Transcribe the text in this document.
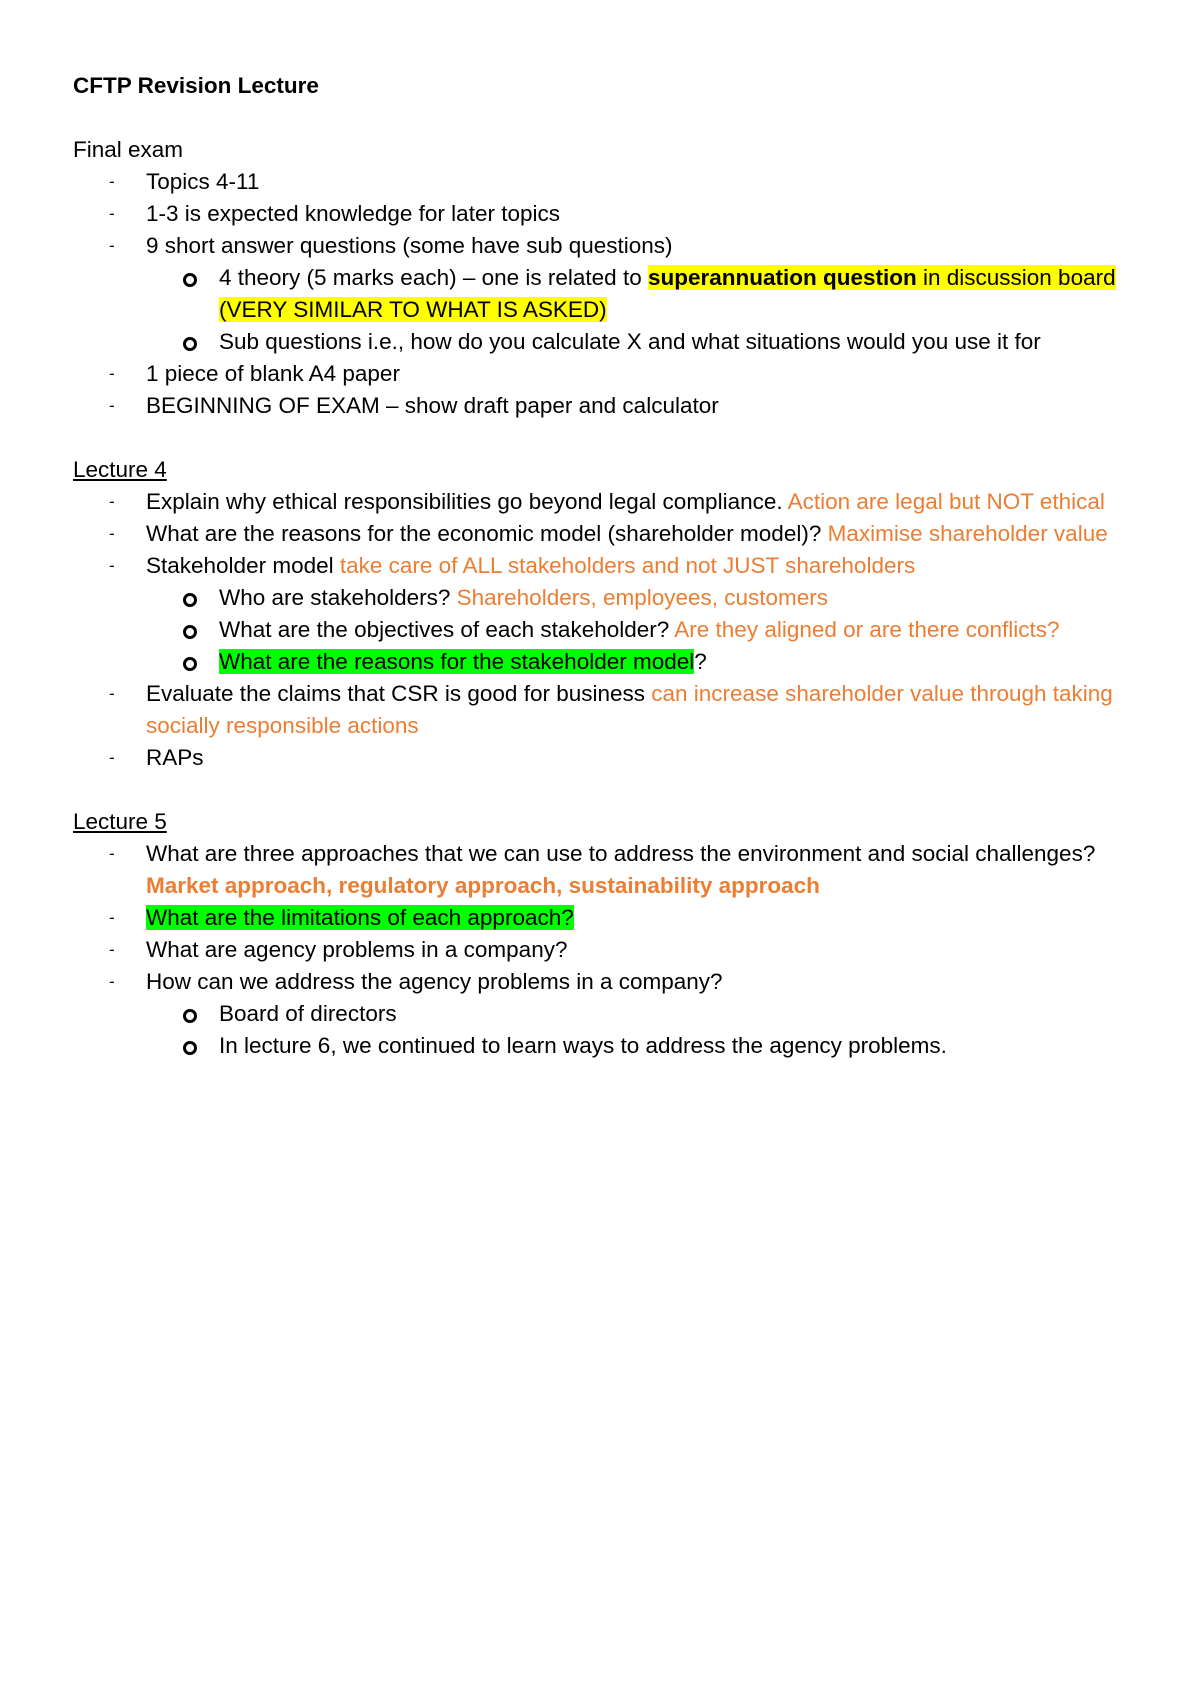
CFTP Revision Lecture

Final exam

- Topics 4-11
- 1-3 is expected knowledge for later topics
- 9 short answer questions (some have sub questions)
4 theory (5 marks each) – one is related to superannuation question in discussion board (VERY SIMILAR TO WHAT IS ASKED)
Sub questions i.e., how do you calculate X and what situations would you use it for
- 1 piece of blank A4 paper
- BEGINNING OF EXAM – show draft paper and calculator

Lecture 4

- Explain why ethical responsibilities go beyond legal compliance. Action are legal but NOT ethical
- What are the reasons for the economic model (shareholder model)? Maximise shareholder value
- Stakeholder model take care of ALL stakeholders and not JUST shareholders
Who are stakeholders? Shareholders, employees, customers
What are the objectives of each stakeholder? Are they aligned or are there conflicts?
What are the reasons for the stakeholder model?
- Evaluate the claims that CSR is good for business can increase shareholder value through taking socially responsible actions
- RAPs

Lecture 5

- What are three approaches that we can use to address the environment and social challenges? Market approach, regulatory approach, sustainability approach
- What are the limitations of each approach?
- What are agency problems in a company?
- How can we address the agency problems in a company?
Board of directors
In lecture 6, we continued to learn ways to address the agency problems.
